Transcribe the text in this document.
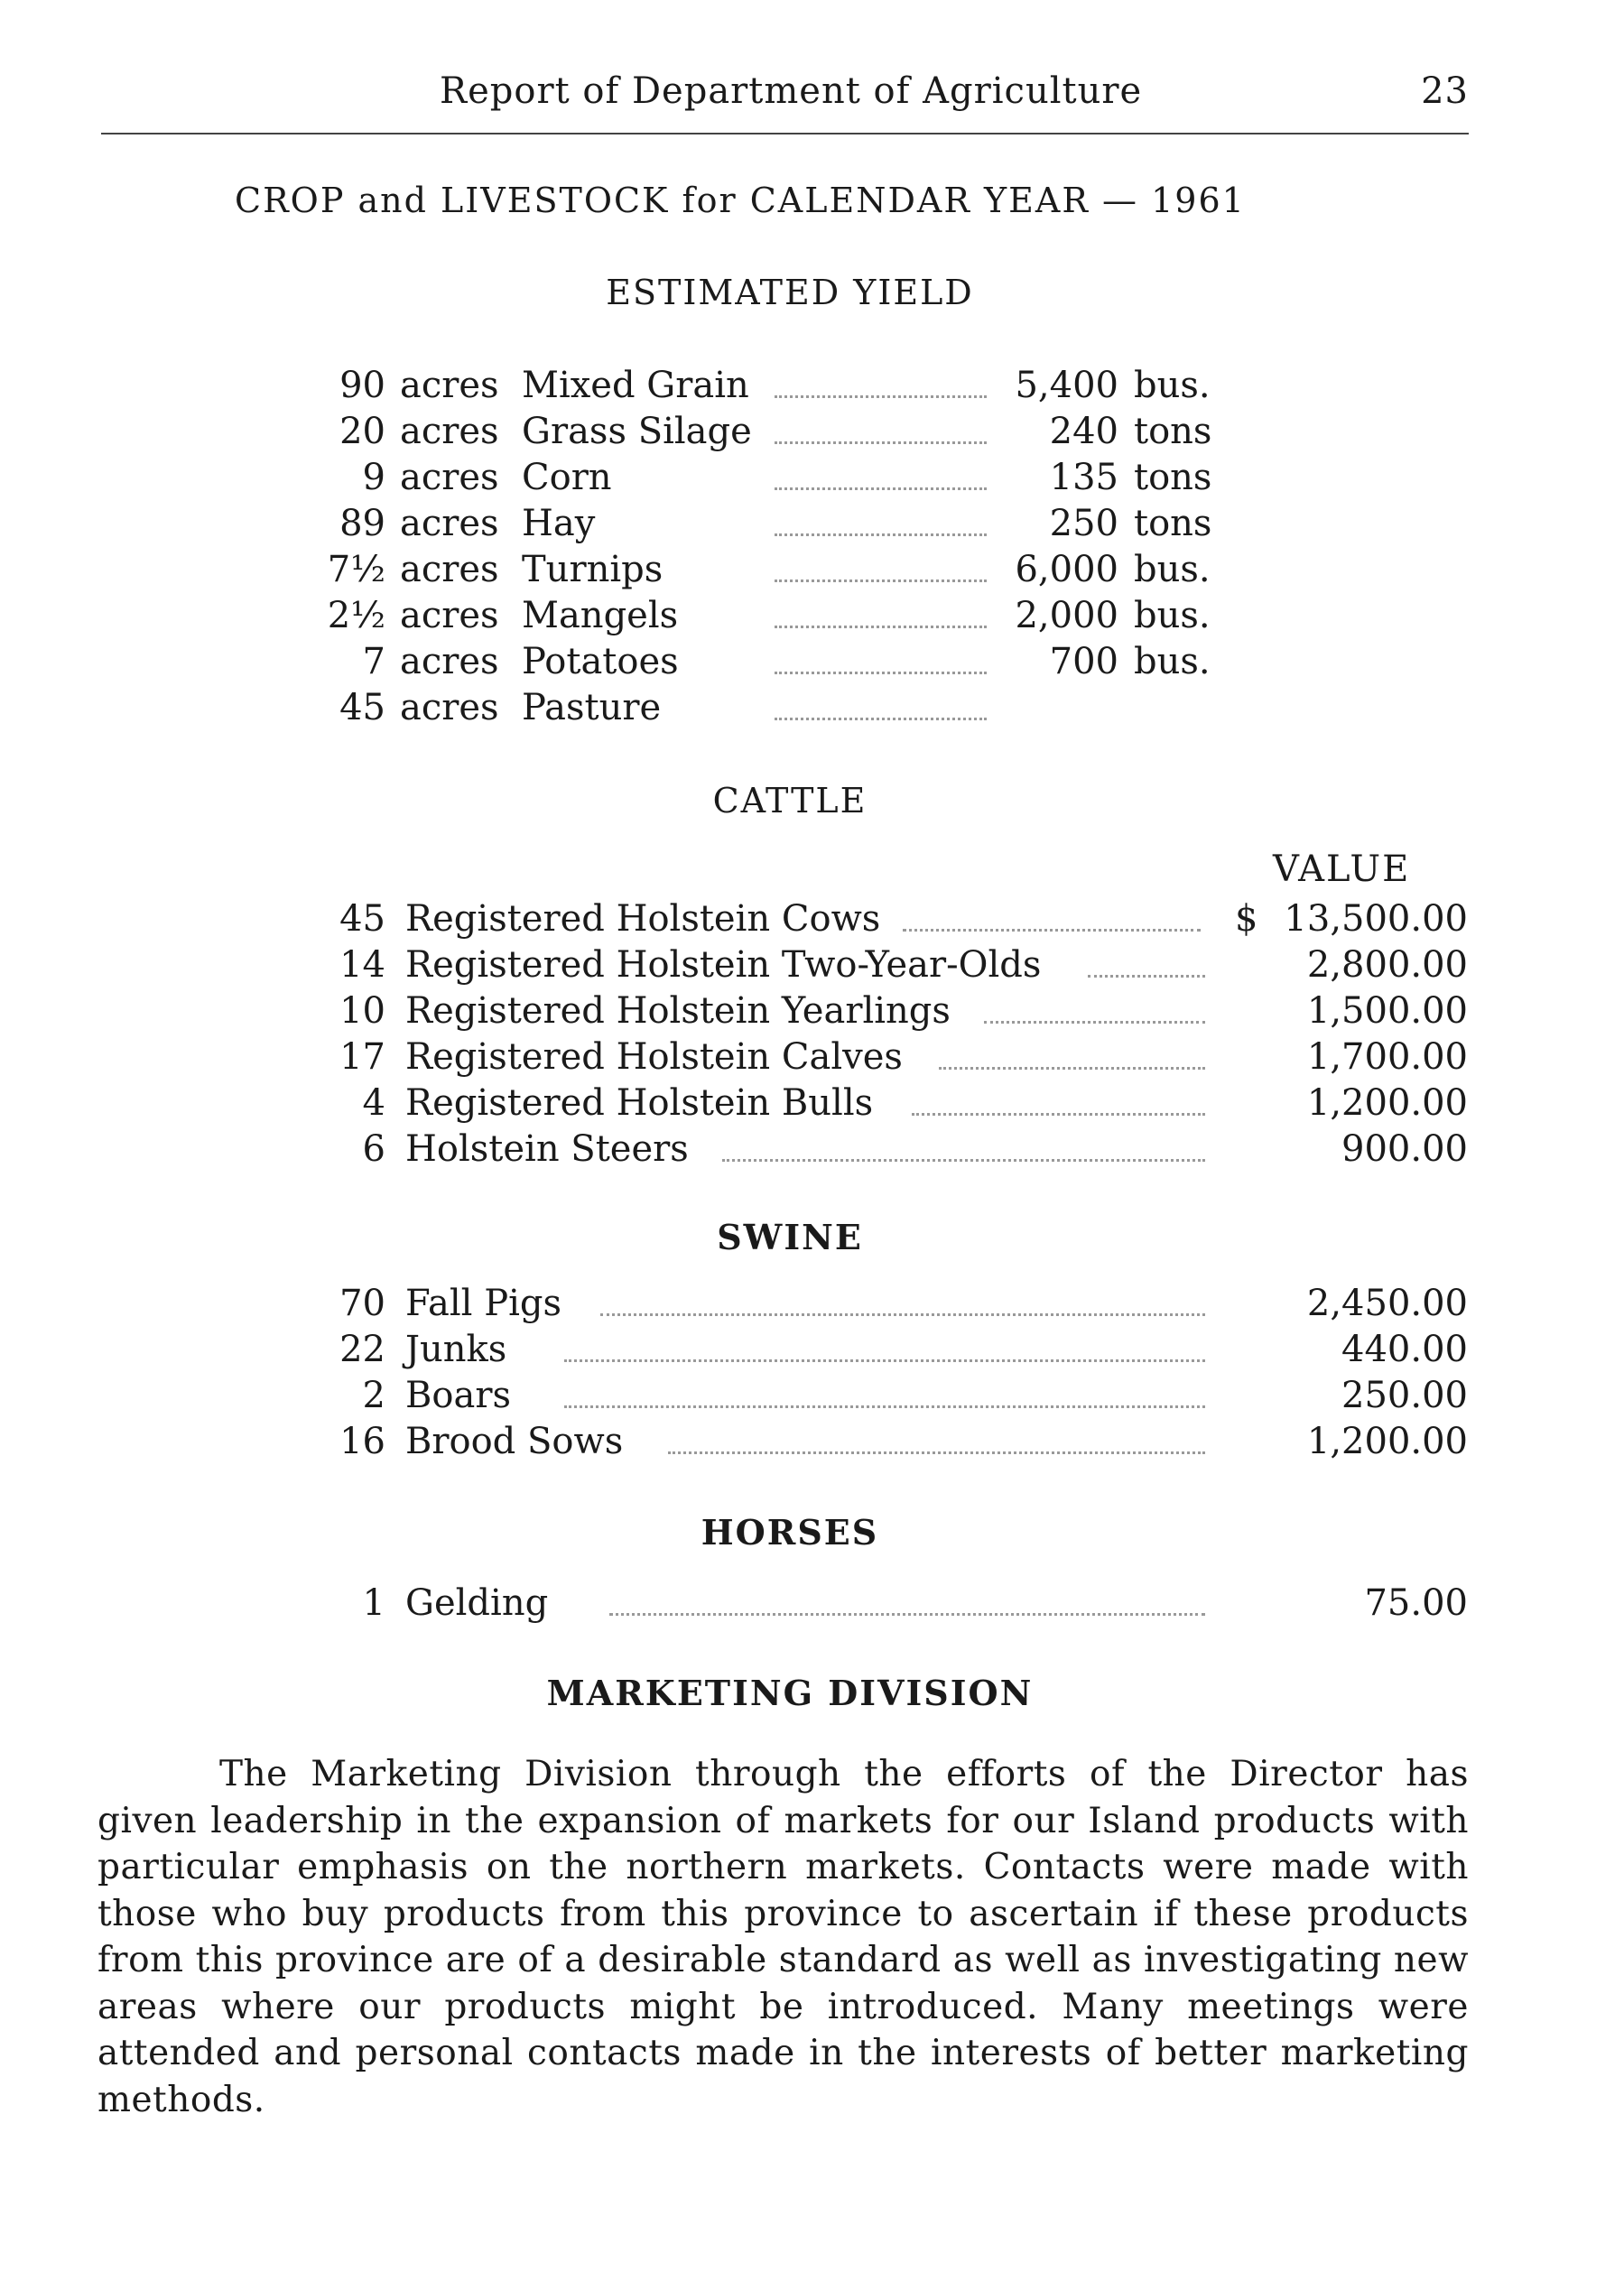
Report of Department of Agriculture	23
CROP and LIVESTOCK for CALENDAR YEAR — 1961
ESTIMATED YIELD
90 acres Mixed Grain	5,400 bus.
20 acres Grass Silage	240 tons
9 acres Corn	135 tons
89 acres Hay	250 tons
7½ acres Turnips	6,000 bus.
2½ acres Mangels	2,000 bus.
7 acres Potatoes	700 bus.
45 acres Pasture
CATTLE
VALUE
45 Registered Holstein Cows	$ 13,500.00
14 Registered Holstein Two-Year-Olds	2,800.00
10 Registered Holstein Yearlings	1,500.00
17 Registered Holstein Calves	1,700.00
4 Registered Holstein Bulls	1,200.00
6 Holstein Steers	900.00
SWINE
70 Fall Pigs	2,450.00
22 Junks	440.00
2 Boars	250.00
16 Brood Sows	1,200.00
HORSES
1 Gelding	75.00
MARKETING DIVISION
The Marketing Division through the efforts of the Director has given leadership in the expansion of markets for our Island products with particular emphasis on the northern markets. Contacts were made with those who buy products from this province to ascertain if these products from this province are of a desirable standard as well as investigating new areas where our products might be introduced. Many meetings were attended and personal contacts made in the interests of better marketing methods.
